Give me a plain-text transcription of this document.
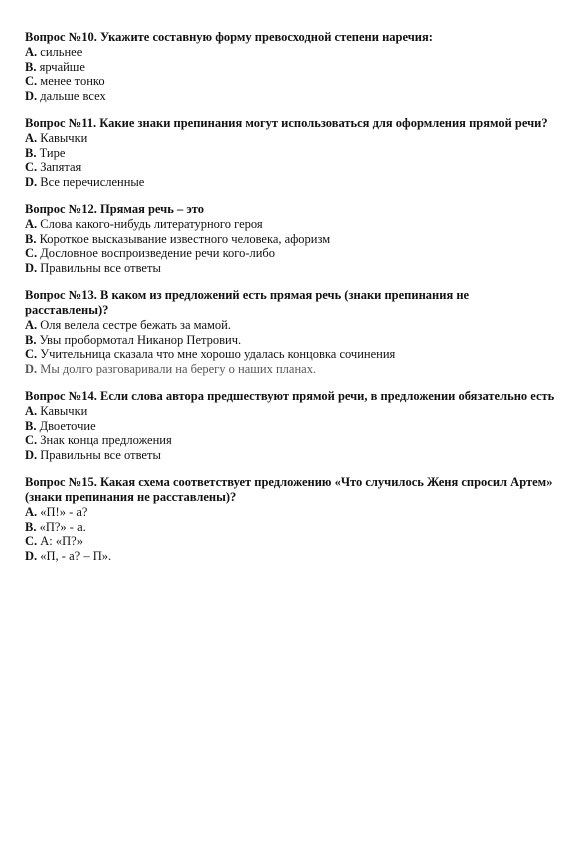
Вопрос №10. Укажите составную форму превосходной степени наречия:

A. сильнее

B. ярчайше

C. менее тонко

D. дальше всех

Вопрос №11. Какие знаки препинания могут использоваться для оформления прямой речи?

A. Кавычки

B. Тире

C. Запятая

D. Все перечисленные

Вопрос №12. Прямая речь – это

A. Слова какого-нибудь литературного героя

B. Короткое высказывание известного человека, афоризм

C. Дословное воспроизведение речи кого-либо

D. Правильны все ответы

Вопрос №13. В каком из предложений есть прямая речь (знаки препинания не расставлены)?

A. Оля велела сестре бежать за мамой.

B. Увы пробормотал Никанор Петрович.

C. Учительница сказала что мне хорошо удалась концовка сочинения

D. Мы долго разговаривали на берегу о наших планах.

Вопрос №14. Если слова автора предшествуют прямой речи, в предложении обязательно есть

A. Кавычки

B. Двоеточие

C. Знак конца предложения

D. Правильны все ответы

Вопрос №15. Какая схема соответствует предложению «Что случилось Женя спросил Артем» (знаки препинания не расставлены)?

A. «П!» - а?

B. «П?» - а.

C. А: «П?»

D. «П, - а? – П».
